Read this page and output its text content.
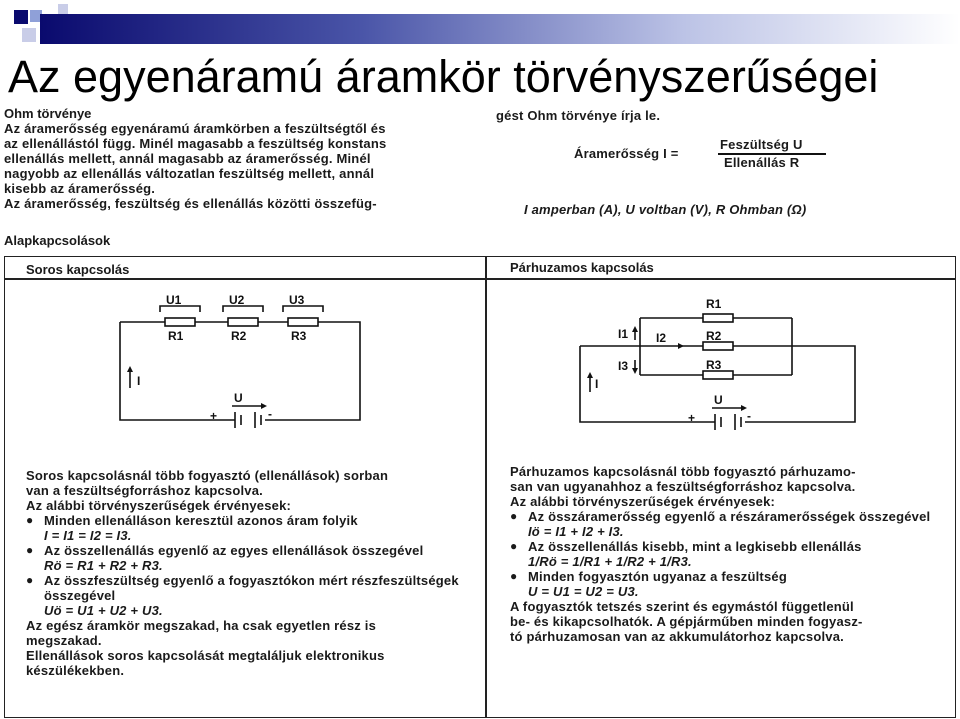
Az egyenáramú áramkör törvényszerűségei
Ohm törvénye
Az áramerősség egyenáramú áramkörben a feszültségtől és
az ellenállástól függ. Minél magasabb a feszültség konstans
ellenállás mellett, annál magasabb az áramerősség. Minél
nagyobb az ellenállás változatlan feszültség mellett, annál
kisebb az áramerősség.
Az áramerősség, feszültség és ellenállás közötti összefüg-
gést Ohm törvénye írja le.
Áramerősség I =
Feszültség U
Ellenállás R
I amperban (A), U voltban (V), R Ohmban (Ω)
Alapkapcsolások
Soros kapcsolás	Párhuzamos kapcsolás
U1	U2	U3
R1	R2	R3
I
U
+	-
R1
R2
R3
I1 I2
I3
I
U
+	-
Soros kapcsolásnál több fogyasztó (ellenállások) sorban
van a feszültségforráshoz kapcsolva.
Az alábbi törvényszerűségek érvényesek:
● Minden ellenálláson keresztül azonos áram folyik
I = I1 = I2 = I3.
● Az összellenállás egyenlő az egyes ellenállások összegével
Rö = R1 + R2 + R3.
● Az összfeszültség egyenlő a fogyasztókon mért részfeszültségek összegével
Uö = U1 + U2 + U3.
Az egész áramkör megszakad, ha csak egyetlen rész is
megszakad.
Ellenállások soros kapcsolását megtaláljuk elektronikus
készülékekben.
Párhuzamos kapcsolásnál több fogyasztó párhuzamo-
san van ugyanahhoz a feszültségforráshoz kapcsolva.
Az alábbi törvényszerűségek érvényesek:
● Az összáramerősség egyenlő a részáramerősségek összegével
Iö = I1 + I2 + I3.
● Az összellenállás kisebb, mint a legkisebb ellenállás
1/Rö = 1/R1 + 1/R2 + 1/R3.
● Minden fogyasztón ugyanaz a feszültség
U = U1 = U2 = U3.
A fogyasztók tetszés szerint és egymástól függetlenül
be- és kikapcsolhatók. A gépjárműben minden fogyasz-
tó párhuzamosan van az akkumulátorhoz kapcsolva.
